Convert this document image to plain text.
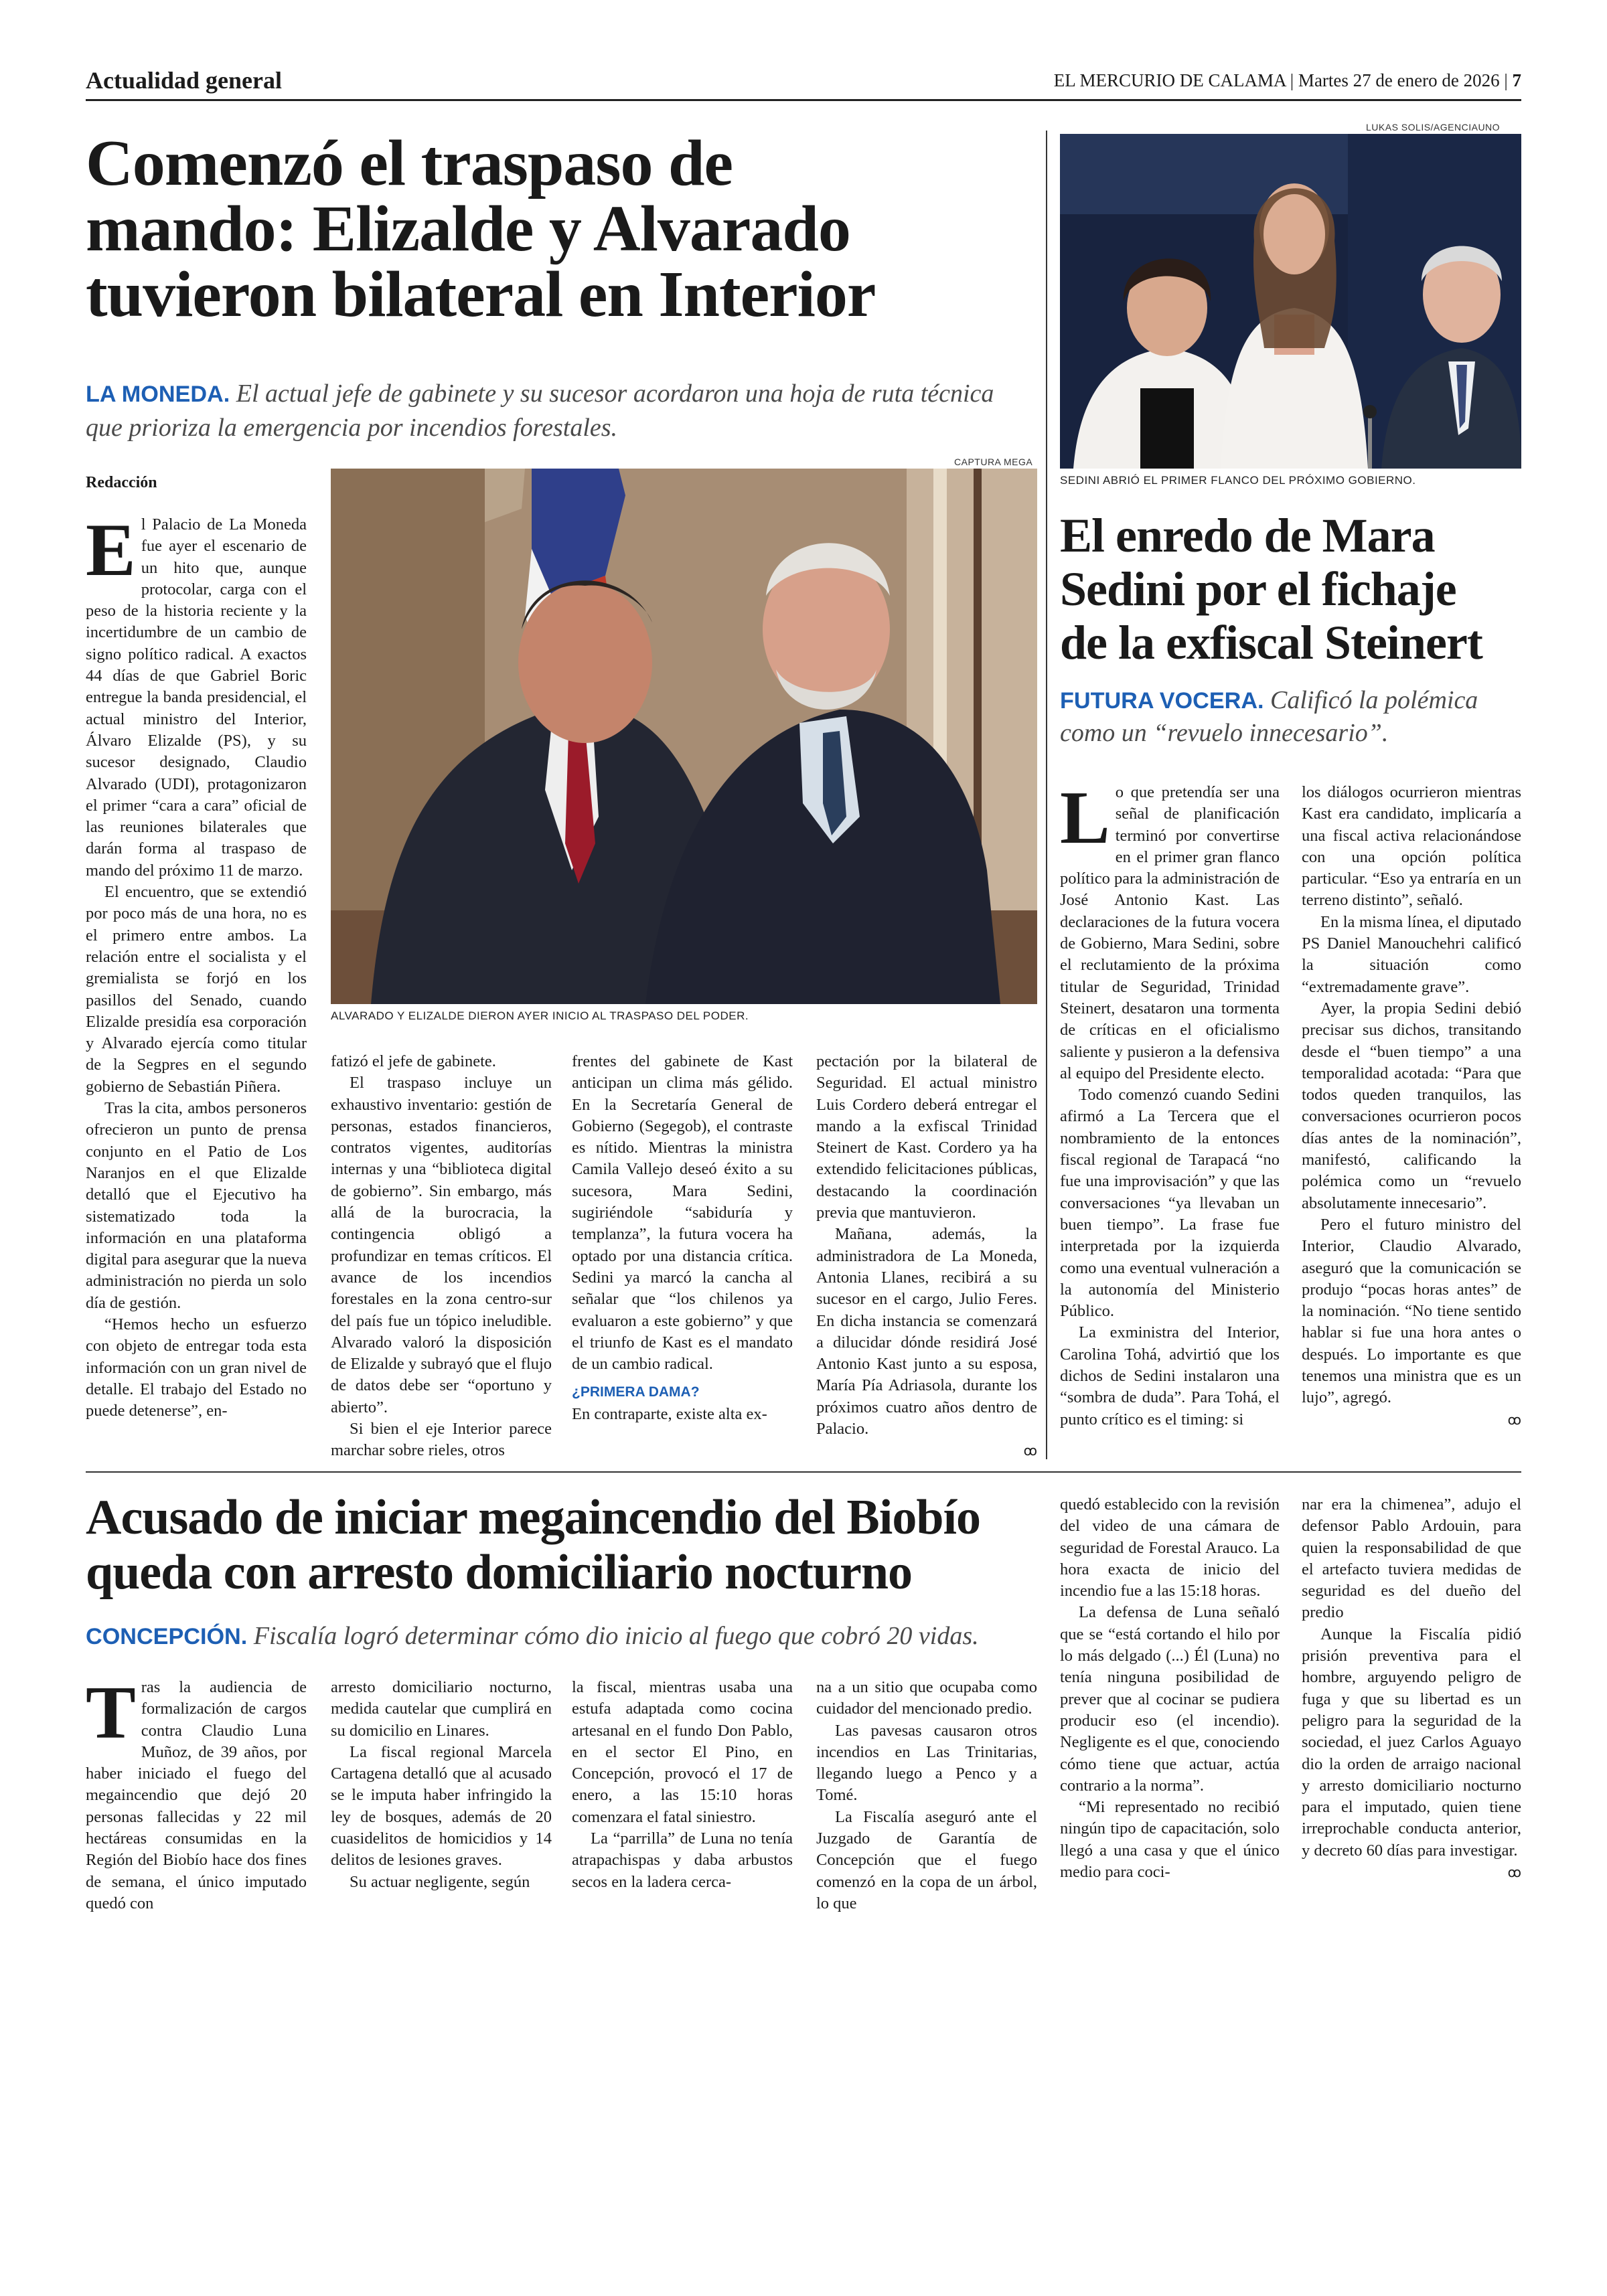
Actualidad general	EL MERCURIO DE CALAMA | Martes 27 de enero de 2026 | 7
Comenzó el traspaso de
mando: Elizalde y Alvarado
tuvieron bilateral en Interior
LA MONEDA. El actual jefe de gabinete y su sucesor acordaron una hoja de ruta técnica que prioriza la emergencia por incendios forestales.
Redacción
CAPTURA MEGA
ALVARADO Y ELIZALDE DIERON AYER INICIO AL TRASPASO DEL PODER.

El Palacio de La Moneda fue ayer el escenario de un hito que, aunque protocolar, carga con el peso de la historia reciente y la incertidumbre de un cambio de signo político radical. A exactos 44 días de que Gabriel Boric entregue la banda presidencial, el actual ministro del Interior, Álvaro Elizalde (PS), y su sucesor designado, Claudio Alvarado (UDI), protagonizaron el primer “cara a cara” oficial de las reuniones bilaterales que darán forma al traspaso de mando del próximo 11 de marzo.

El encuentro, que se extendió por poco más de una hora, no es el primero entre ambos. La relación entre el socialista y el gremialista se forjó en los pasillos del Senado, cuando Elizalde presidía esa corporación y Alvarado ejercía como titular de la Segpres en el segundo gobierno de Sebastián Piñera.

Tras la cita, ambos personeros ofrecieron un punto de prensa conjunto en el Patio de Los Naranjos en el que Elizalde detalló que el Ejecutivo ha sistematizado toda la información en una plataforma digital para asegurar que la nueva administración no pierda un solo día de gestión.

“Hemos hecho un esfuerzo con objeto de entregar toda esta información con un gran nivel de detalle. El trabajo del Estado no puede detenerse”, en-

fatizó el jefe de gabinete.

El traspaso incluye un exhaustivo inventario: gestión de personas, estados financieros, contratos vigentes, auditorías internas y una “biblioteca digital de gobierno”. Sin embargo, más allá de la burocracia, la contingencia obligó a profundizar en temas críticos. El avance de los incendios forestales en la zona centro-sur del país fue un tópico ineludible. Alvarado valoró la disposición de Elizalde y subrayó que el flujo de datos debe ser “oportuno y abierto”.

Si bien el eje Interior parece marchar sobre rieles, otros

frentes del gabinete de Kast anticipan un clima más gélido. En la Secretaría General de Gobierno (Segegob), el contraste es nítido. Mientras la ministra Camila Vallejo deseó éxito a su sucesora, Mara Sedini, sugiriéndole “sabiduría y templanza”, la futura vocera ha optado por una distancia crítica. Sedini ya marcó la cancha al señalar que “los chilenos ya evaluaron a este gobierno” y que el triunfo de Kast es el mandato de un cambio radical.

¿PRIMERA DAMA?

En contraparte, existe alta ex-

pectación por la bilateral de Seguridad. El actual ministro Luis Cordero deberá entregar el mando a la exfiscal Trinidad Steinert de Kast. Cordero ya ha extendido felicitaciones públicas, destacando la coordinación previa que mantuvieron.

Mañana, además, la administradora de La Moneda, Antonia Llanes, recibirá a su sucesor en el cargo, Julio Feres. En dicha instancia se comenzará a dilucidar dónde residirá José Antonio Kast junto a su esposa, María Pía Adriasola, durante los próximos cuatro años dentro de Palacio.

ꝏ
LUKAS SOLIS/AGENCIAUNO
SEDINI ABRIÓ EL PRIMER FLANCO DEL PRÓXIMO GOBIERNO.
El enredo de Mara
Sedini por el fichaje
de la exfiscal Steinert
FUTURA VOCERA. Calificó la polémica como un “revuelo innecesario”.

Lo que pretendía ser una señal de planificación terminó por convertirse en el primer gran flanco político para la administración de José Antonio Kast. Las declaraciones de la futura vocera de Gobierno, Mara Sedini, sobre el reclutamiento de la próxima titular de Seguridad, Trinidad Steinert, desataron una tormenta de críticas en el oficialismo saliente y pusieron a la defensiva al equipo del Presidente electo.

Todo comenzó cuando Sedini afirmó a La Tercera que el nombramiento de la entonces fiscal regional de Tarapacá “no fue una improvisación” y que las conversaciones “ya llevaban un buen tiempo”. La frase fue interpretada por la izquierda como una eventual vulneración a la autonomía del Ministerio Público.

La exministra del Interior, Carolina Tohá, advirtió que los dichos de Sedini instalaron una “sombra de duda”. Para Tohá, el punto crítico es el timing: si

los diálogos ocurrieron mientras Kast era candidato, implicaría a una fiscal activa relacionándose con una opción política particular. “Eso ya entraría en un terreno distinto”, señaló.

En la misma línea, el diputado PS Daniel Manouchehri calificó la situación como “extremadamente grave”.

Ayer, la propia Sedini debió precisar sus dichos, transitando desde el “buen tiempo” a una temporalidad acotada: “Para que todos queden tranquilos, las conversaciones ocurrieron pocos días antes de la nominación”, manifestó, calificando la polémica como un “revuelo absolutamente innecesario”.

Pero el futuro ministro del Interior, Claudio Alvarado, aseguró que la comunicación se produjo “pocas horas antes” de la nominación. “No tiene sentido hablar si fue una hora antes o después. Lo importante es que tenemos una ministra que es un lujo”, agregó.

ꝏ
Acusado de iniciar megaincendio del Biobío
queda con arresto domiciliario nocturno
CONCEPCIÓN. Fiscalía logró determinar cómo dio inicio al fuego que cobró 20 vidas.

Tras la audiencia de formalización de cargos contra Claudio Luna Muñoz, de 39 años, por haber iniciado el fuego del megaincendio que dejó 20 personas fallecidas y 22 mil hectáreas consumidas en la Región del Biobío hace dos fines de semana, el único imputado quedó con

arresto domiciliario nocturno, medida cautelar que cumplirá en su domicilio en Linares.

La fiscal regional Marcela Cartagena detalló que al acusado se le imputa haber infringido la ley de bosques, además de 20 cuasidelitos de homicidios y 14 delitos de lesiones graves.

Su actuar negligente, según

la fiscal, mientras usaba una estufa adaptada como cocina artesanal en el fundo Don Pablo, en el sector El Pino, en Concepción, provocó el 17 de enero, a las 15:10 horas comenzara el fatal siniestro.

La “parrilla” de Luna no tenía atrapachispas y daba arbustos secos en la ladera cerca-

na a un sitio que ocupaba como cuidador del mencionado predio.

Las pavesas causaron otros incendios en Las Trinitarias, llegando luego a Penco y a Tomé.

La Fiscalía aseguró ante el Juzgado de Garantía de Concepción que el fuego comenzó en la copa de un árbol, lo que

quedó establecido con la revisión del video de una cámara de seguridad de Forestal Arauco. La hora exacta de inicio del incendio fue a las 15:18 horas.

La defensa de Luna señaló que se “está cortando el hilo por lo más delgado (...) Él (Luna) no tenía ninguna posibilidad de prever que al cocinar se pudiera producir eso (el incendio). Negligente es el que, conociendo cómo tiene que actuar, actúa contrario a la norma”.

“Mi representado no recibió ningún tipo de capacitación, solo llegó a una casa y que el único medio para coci-

nar era la chimenea”, adujo el defensor Pablo Ardouin, para quien la responsabilidad de que el artefacto tuviera medidas de seguridad es del dueño del predio

Aunque la Fiscalía pidió prisión preventiva para el hombre, arguyendo peligro de fuga y que su libertad es un peligro para la seguridad de la sociedad, el juez Carlos Aguayo dio la orden de arraigo nacional y arresto domiciliario nocturno para el imputado, quien tiene irreprochable conducta anterior, y decreto 60 días para investigar.

ꝏ
